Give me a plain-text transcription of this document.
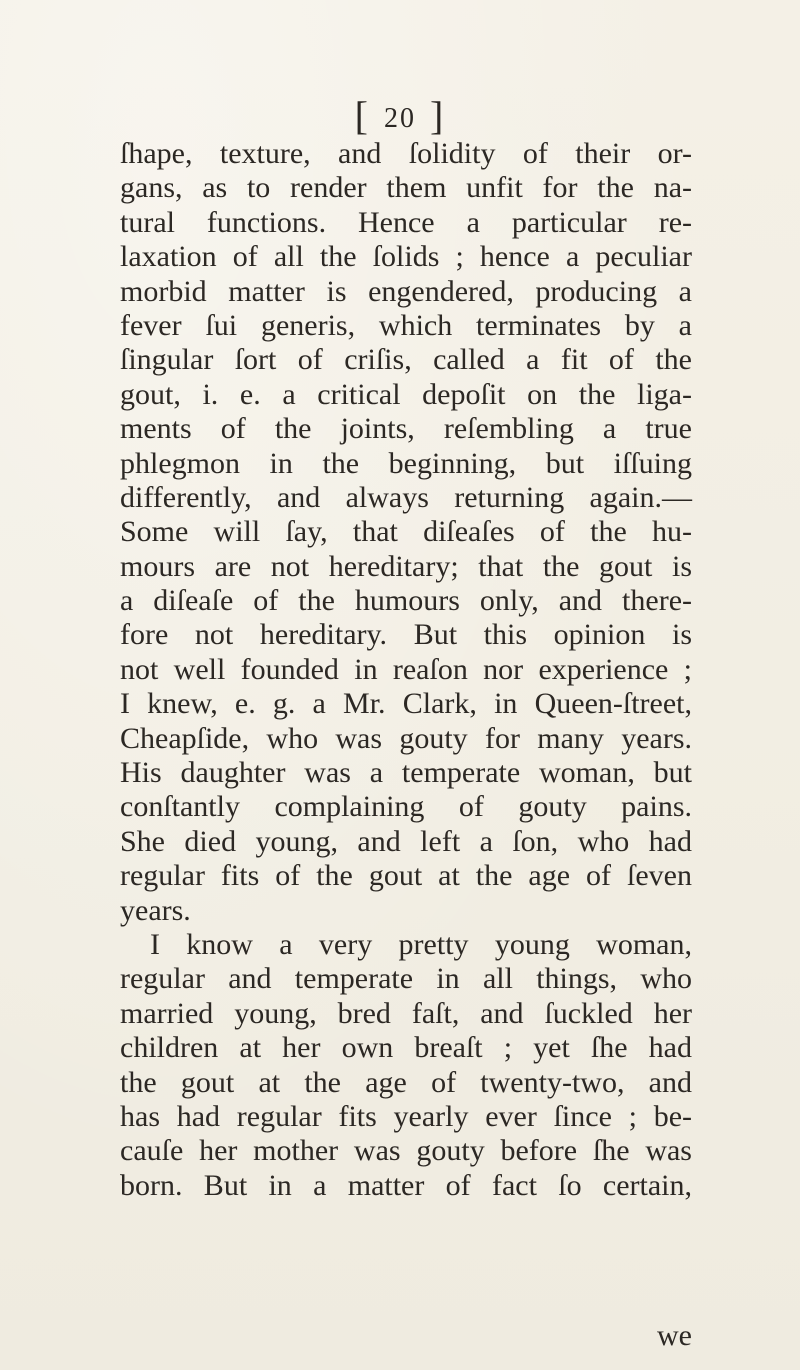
[ 20 ]
ſhape, texture, and ſolidity of their or-
gans, as to render them unfit for the na-
tural functions. Hence a particular re-
laxation of all the ſolids ; hence a peculiar
morbid matter is engendered, producing a
fever ſui generis, which terminates by a
ſingular ſort of criſis, called a fit of the
gout, i. e. a critical depoſit on the liga-
ments of the joints, reſembling a true
phlegmon in the beginning, but iſſuing
differently, and always returning again.—
Some will ſay, that diſeaſes of the hu-
mours are not hereditary; that the gout is
a diſeaſe of the humours only, and there-
fore not hereditary. But this opinion is
not well founded in reaſon nor experience ;
I knew, e. g. a Mr. Clark, in Queen-ſtreet,
Cheapſide, who was gouty for many years.
His daughter was a temperate woman, but
conſtantly complaining of gouty pains.
She died young, and left a ſon, who had
regular fits of the gout at the age of ſeven
years.
I know a very pretty young woman,
regular and temperate in all things, who
married young, bred faſt, and ſuckled her
children at her own breaſt ; yet ſhe had
the gout at the age of twenty-two, and
has had regular fits yearly ever ſince ; be-
cauſe her mother was gouty before ſhe was
born. But in a matter of fact ſo certain,
we
